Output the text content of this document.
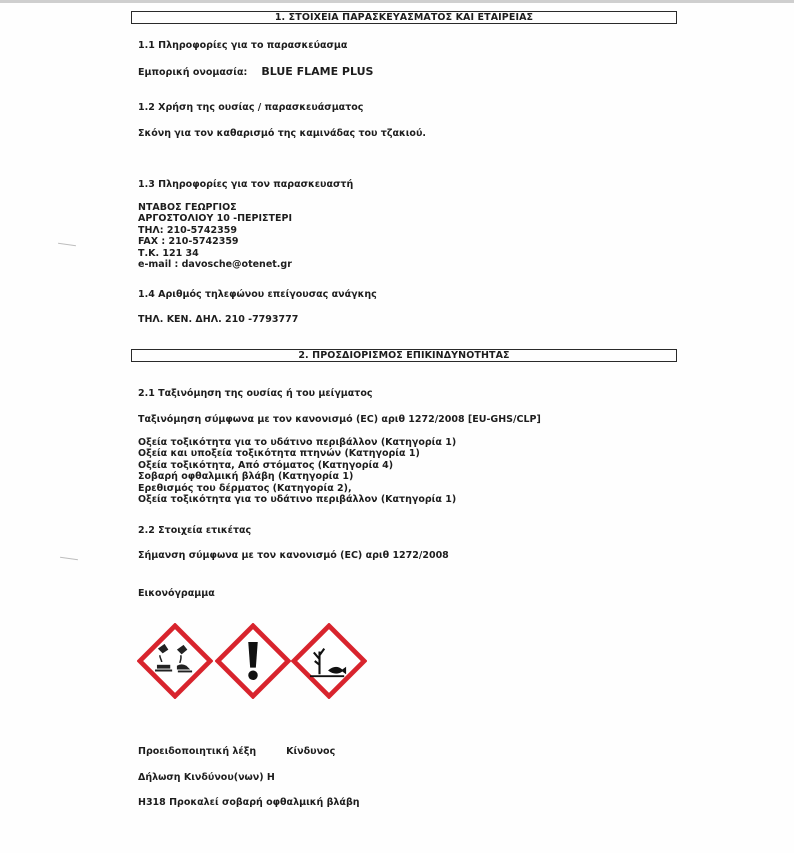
1. ΣΤΟΙΧΕΙΑ ΠΑΡΑΣΚΕΥΑΣΜΑΤΟΣ ΚΑΙ ΕΤΑΙΡΕΙΑΣ
1.1 Πληροφορίες για το παρασκεύασμα
Εμπορική ονομασία: BLUE FLAME PLUS
1.2 Χρήση της ουσίας / παρασκευάσματος
Σκόνη για τον καθαρισμό της καμινάδας του τζακιού.
1.3 Πληροφορίες για τον παρασκευαστή
ΝΤΑΒΟΣ ΓΕΩΡΓΙΟΣ
ΑΡΓΟΣΤΟΛΙΟΥ 10 -ΠΕΡΙΣΤΕΡΙ
ΤΗΛ: 210-5742359
FAX : 210-5742359
Τ.Κ. 121 34
e-mail : davosche@otenet.gr
1.4 Αριθμός τηλεφώνου επείγουσας ανάγκης
ΤΗΛ. ΚΕΝ. ΔΗΛ. 210 -7793777
2. ΠΡΟΣΔΙΟΡΙΣΜΟΣ ΕΠΙΚΙΝΔΥΝΟΤΗΤΑΣ
2.1 Ταξινόμηση της ουσίας ή του μείγματος
Ταξινόμηση σύμφωνα με τον κανονισμό (ΕC) αριθ 1272/2008 [EU-GHS/CLP]
Οξεία τοξικότητα για το υδάτινο περιβάλλον (Κατηγορία 1)
Οξεία και υποξεία τοξικότητα πτηνών (Κατηγορία 1)
Οξεία τοξικότητα, Από στόματος (Κατηγορία 4)
Σοβαρή οφθαλμική βλάβη (Κατηγορία 1)
Ερεθισμός του δέρματος (Κατηγορία 2),
Οξεία τοξικότητα για το υδάτινο περιβάλλον (Κατηγορία 1)
2.2 Στοιχεία ετικέτας
Σήμανση σύμφωνα με τον κανονισμό (ΕC) αριθ 1272/2008
Εικονόγραμμα
Προειδοποιητική λέξη	Κίνδυνος
Δήλωση Κινδύνου(νων) Η
H318 Προκαλεί σοβαρή οφθαλμική βλάβη
